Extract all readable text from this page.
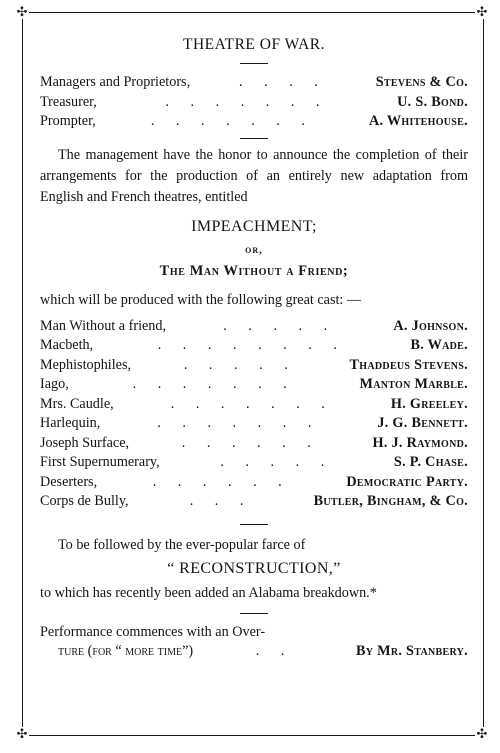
✣	✣
✣	✣
THEATRE OF WAR.
Managers and Proprietors,	. . . .	Stevens & Co.
Treasurer,	. . . . . . .	U. S. Bond.
Prompter,	. . . . . . .	A. Whitehouse.
The management have the honor to announce the completion of their arrangements for the production of an entirely new adaptation from English and French theatres, entitled
IMPEACHMENT;
or,
The Man Without a Friend;
which will be produced with the following great cast: —
Man Without a friend,	. . . . .	A. Johnson.
Macbeth,	. . . . . . . .	B. Wade.
Mephistophiles,	. . . . .	Thaddeus Stevens.
Iago,	. . . . . . .	Manton Marble.
Mrs. Caudle,	. . . . . . .	H. Greeley.
Harlequin,	. . . . . . .	J. G. Bennett.
Joseph Surface,	. . . . . .	H. J. Raymond.
First Supernumerary,	. . . . .	S. P. Chase.
Deserters,	. . . . . .	Democratic Party.
Corps de Bully,	. . .	Butler, Bingham, & Co.
To be followed by the ever-popular farce of
“ RECONSTRUCTION,”
to which has recently been added an Alabama breakdown.*
Performance commences with an Over-
ture (for “ more time”)	. .	By Mr. Stanbery.
